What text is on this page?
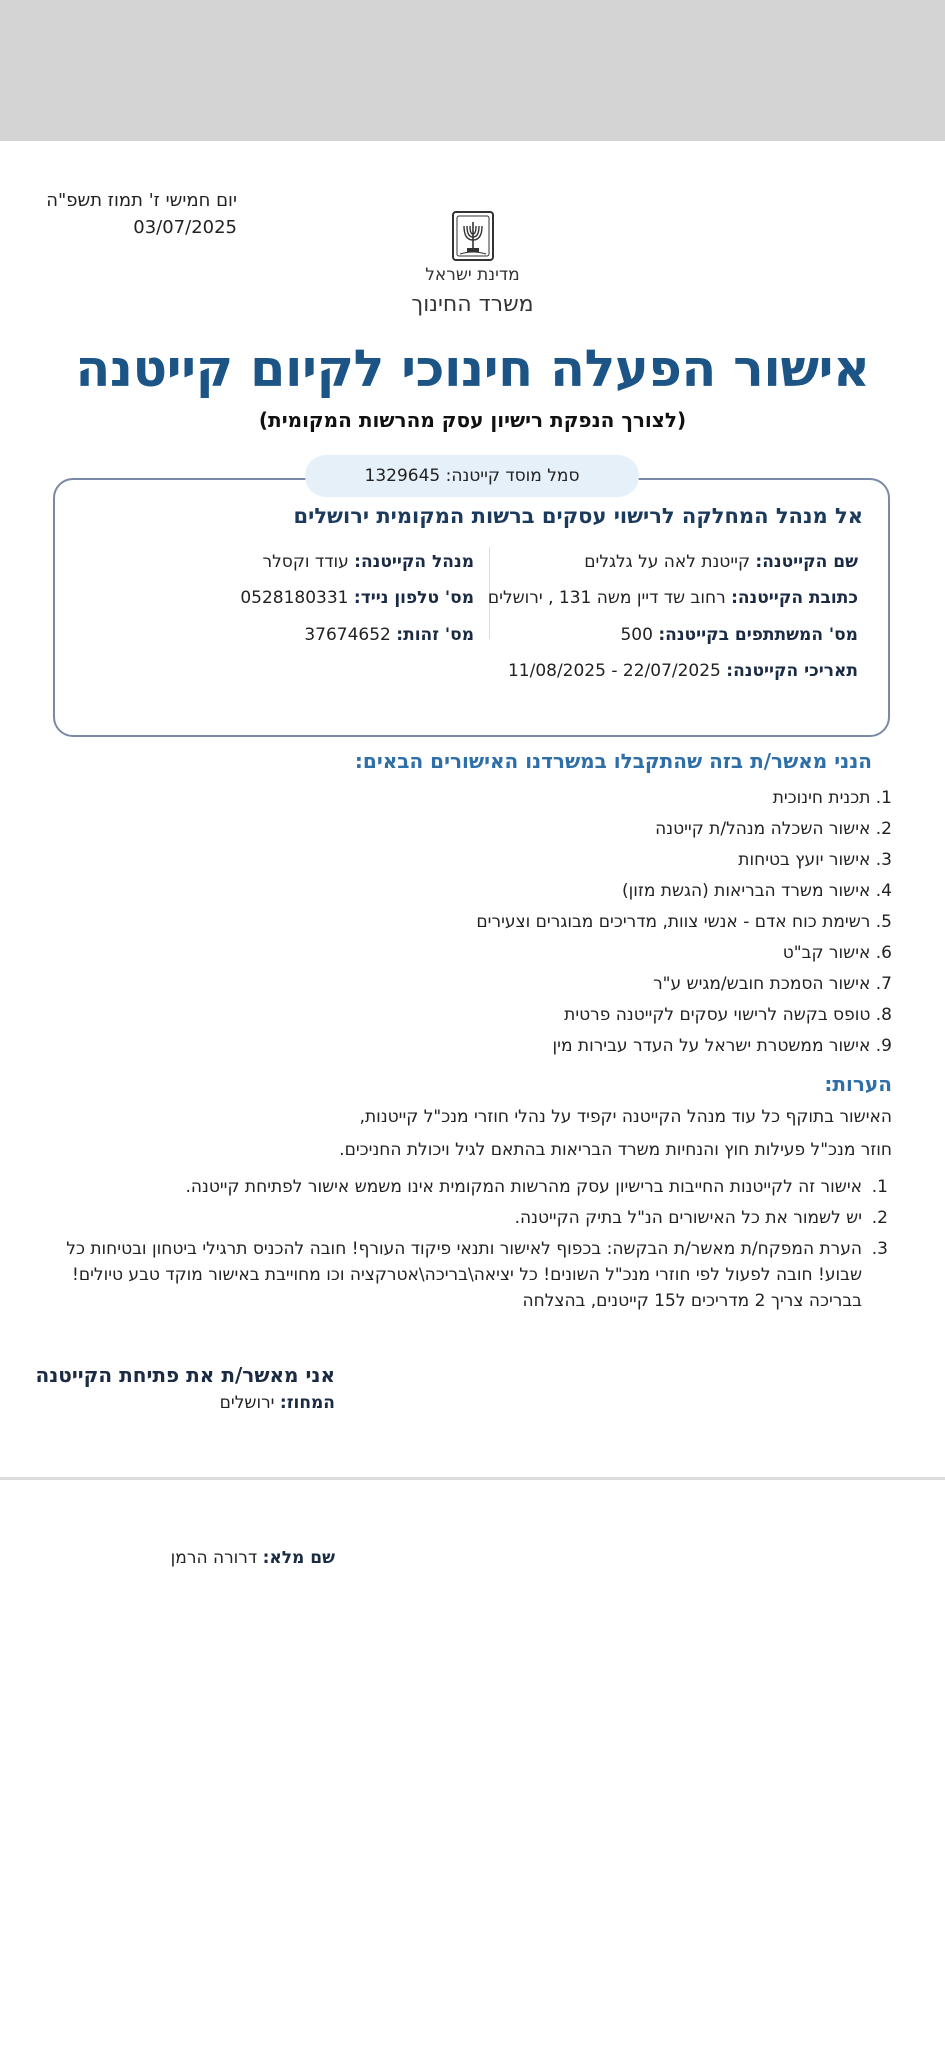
יום חמישי ז' תמוז תשפ"ה
03/07/2025
מדינת ישראל
משרד החינוך
אישור הפעלה חינוכי לקיום קייטנה
(לצורך הנפקת רישיון עסק מהרשות המקומית)
סמל מוסד קייטנה: 1329645
אל מנהל המחלקה לרישוי עסקים ברשות המקומית ירושלים
שם הקייטנה: קייטנת לאה על גלגלים
כתובת הקייטנה: רחוב שד דיין משה 131 , ירושלים
מס' המשתתפים בקייטנה: 500
תאריכי הקייטנה: 22/07/2025 - 11/08/2025
מנהל הקייטנה: עודד וקסלר
מס' טלפון נייד: 0528180331
מס' זהות: 37674652
הנני מאשר/ת בזה שהתקבלו במשרדנו האישורים הבאים:
1. תכנית חינוכית
2. אישור השכלה מנהל/ת קייטנה
3. אישור יועץ בטיחות
4. אישור משרד הבריאות (הגשת מזון)
5. רשימת כוח אדם - אנשי צוות, מדריכים מבוגרים וצעירים
6. אישור קב"ט
7. אישור הסמכת חובש/מגיש ע"ר
8. טופס בקשה לרישוי עסקים לקייטנה פרטית
9. אישור ממשטרת ישראל על העדר עבירות מין
הערות:
האישור בתוקף כל עוד מנהל הקייטנה יקפיד על נהלי חוזרי מנכ"ל קייטנות,
חוזר מנכ"ל פעילות חוץ והנחיות משרד הבריאות בהתאם לגיל ויכולת החניכים.
1.
אישור זה לקייטנות החייבות ברישיון עסק מהרשות המקומית אינו משמש אישור לפתיחת קייטנה.
2.
יש לשמור את כל האישורים הנ"ל בתיק הקייטנה.
3.
הערת המפקח/ת מאשר/ת הבקשה: בכפוף לאישור ותנאי פיקוד העורף! חובה להכניס תרגילי ביטחון ובטיחות כל
שבוע! חובה לפעול לפי חוזרי מנכ"ל השונים! כל יציאה\בריכה\אטרקציה וכו מחוייבת באישור מוקד טבע טיולים!
בבריכה צריך 2 מדריכים ל15 קייטנים, בהצלחה
אני מאשר/ת את פתיחת הקייטנה
המחוז: ירושלים
שם מלא: דרורה הרמן
